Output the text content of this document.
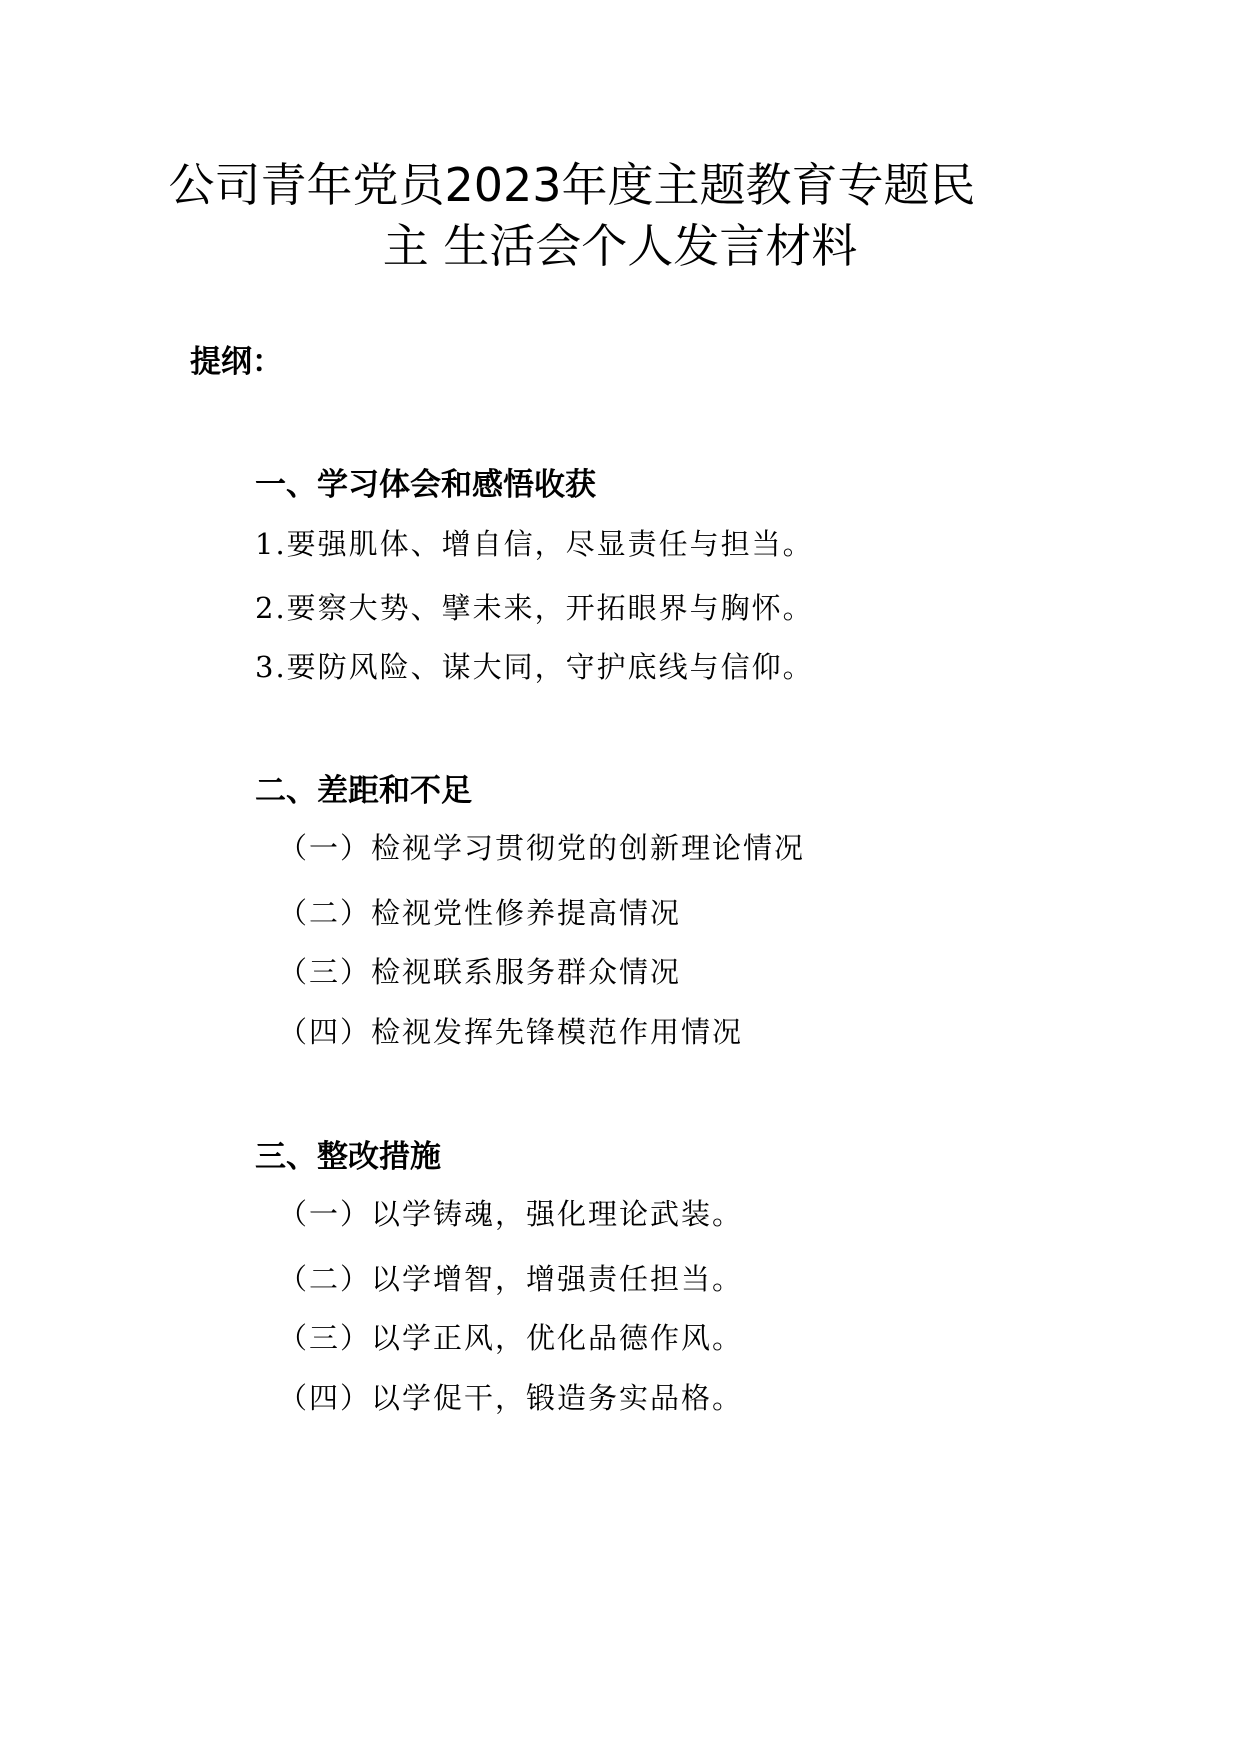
公司青年党员2023年度主题教育专题民
主 生活会个人发言材料

提纲：

一、学习体会和感悟收获

1.要强肌体、增自信，尽显责任与担当。

2.要察大势、擘未来，开拓眼界与胸怀。

3.要防风险、谋大同，守护底线与信仰。

二、差距和不足

（一）检视学习贯彻党的创新理论情况

（二）检视党性修养提高情况

（三）检视联系服务群众情况

（四）检视发挥先锋模范作用情况

三、整改措施

（一）以学铸魂，强化理论武装。

（二）以学增智，增强责任担当。

（三）以学正风，优化品德作风。

（四）以学促干，锻造务实品格。
